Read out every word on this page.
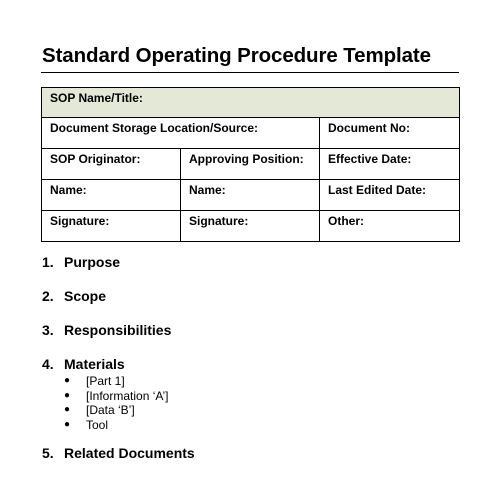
Standard Operating Procedure Template
SOP Name/Title:		
Document Storage Location/Source:		Document No:
SOP Originator:	Approving Position:	Effective Date:
Name:	Name:	Last Edited Date:
Signature:	Signature:	Other:
1. Purpose
2. Scope
3. Responsibilities
4. Materials
● [Part 1]
● [Information ‘A’]
● [Data ‘B’]
● Tool
5. Related Documents
